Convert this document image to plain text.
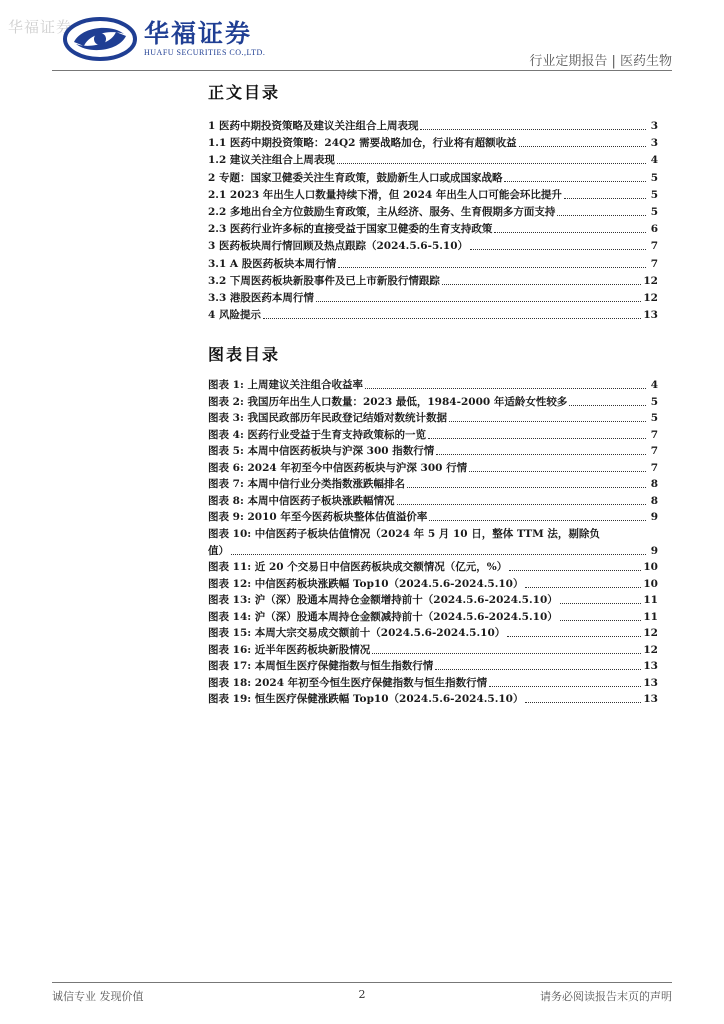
华福证券	华福证券
HUAFU SECURITIES CO.,LTD.
行业定期报告 | 医药生物
正文目录
1 医药中期投资策略及建议关注组合上周表现	3
1.1 医药中期投资策略：24Q2 需要战略加仓，行业将有超额收益	3
1.2 建议关注组合上周表现	4
2 专题：国家卫健委关注生育政策，鼓励新生人口或成国家战略	5
2.1 2023 年出生人口数量持续下滑，但 2024 年出生人口可能会环比提升	5
2.2 多地出台全方位鼓励生育政策，主从经济、服务、生育假期多方面支持	5
2.3 医药行业许多标的直接受益于国家卫健委的生育支持政策	6
3 医药板块周行情回顾及热点跟踪（2024.5.6-5.10）	7
3.1 A 股医药板块本周行情	7
3.2 下周医药板块新股事件及已上市新股行情跟踪	12
3.3 港股医药本周行情	12
4 风险提示	13
图表目录
图表 1: 上周建议关注组合收益率	4
图表 2: 我国历年出生人口数量：2023 最低，1984-2000 年适龄女性较多	5
图表 3: 我国民政部历年民政登记结婚对数统计数据	5
图表 4: 医药行业受益于生育支持政策标的一览	7
图表 5: 本周中信医药板块与沪深 300 指数行情	7
图表 6: 2024 年初至今中信医药板块与沪深 300 行情	7
图表 7: 本周中信行业分类指数涨跌幅排名	8
图表 8: 本周中信医药子板块涨跌幅情况	8
图表 9: 2010 年至今医药板块整体估值溢价率	9
图表 10: 中信医药子板块估值情况（2024 年 5 月 10 日，整体 TTM 法，剔除负
值）	9
图表 11: 近 20 个交易日中信医药板块成交额情况（亿元，%）	10
图表 12: 中信医药板块涨跌幅 Top10（2024.5.6-2024.5.10）	10
图表 13: 沪（深）股通本周持仓金额增持前十（2024.5.6-2024.5.10）	11
图表 14: 沪（深）股通本周持仓金额减持前十（2024.5.6-2024.5.10）	11
图表 15: 本周大宗交易成交额前十（2024.5.6-2024.5.10）	12
图表 16: 近半年医药板块新股情况	12
图表 17: 本周恒生医疗保健指数与恒生指数行情	13
图表 18: 2024 年初至今恒生医疗保健指数与恒生指数行情	13
图表 19: 恒生医疗保健涨跌幅 Top10（2024.5.6-2024.5.10）	13
诚信专业 发现价值	2	请务必阅读报告末页的声明
